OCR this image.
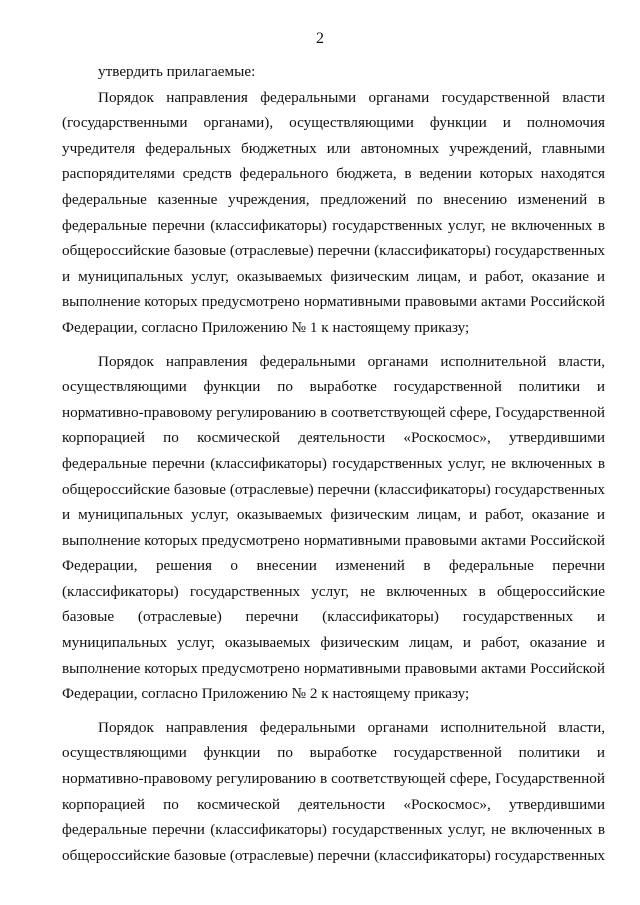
2
утвердить прилагаемые:
Порядок направления федеральными органами государственной власти
(государственными органами), осуществляющими функции и полномочия
учредителя федеральных бюджетных или автономных учреждений, главными
распорядителями средств федерального бюджета, в ведении которых находятся
федеральные казенные учреждения, предложений по внесению изменений в
федеральные перечни (классификаторы) государственных услуг, не включенных в
общероссийские базовые (отраслевые) перечни (классификаторы) государственных
и муниципальных услуг, оказываемых физическим лицам, и работ, оказание и
выполнение которых предусмотрено нормативными правовыми актами Российской
Федерации, согласно Приложению № 1 к настоящему приказу;
Порядок направления федеральными органами исполнительной власти,
осуществляющими функции по выработке государственной политики и
нормативно-правовому регулированию в соответствующей сфере, Государственной
корпорацией по космической деятельности «Роскосмос», утвердившими
федеральные перечни (классификаторы) государственных услуг, не включенных в
общероссийские базовые (отраслевые) перечни (классификаторы) государственных
и муниципальных услуг, оказываемых физическим лицам, и работ, оказание и
выполнение которых предусмотрено нормативными правовыми актами Российской
Федерации, решения о внесении изменений в федеральные перечни
(классификаторы) государственных услуг, не включенных в общероссийские
базовые (отраслевые) перечни (классификаторы) государственных и
муниципальных услуг, оказываемых физическим лицам, и работ, оказание и
выполнение которых предусмотрено нормативными правовыми актами Российской
Федерации, согласно Приложению № 2 к настоящему приказу;
Порядок направления федеральными органами исполнительной власти,
осуществляющими функции по выработке государственной политики и
нормативно-правовому регулированию в соответствующей сфере, Государственной
корпорацией по космической деятельности «Роскосмос», утвердившими
федеральные перечни (классификаторы) государственных услуг, не включенных в
общероссийские базовые (отраслевые) перечни (классификаторы) государственных
